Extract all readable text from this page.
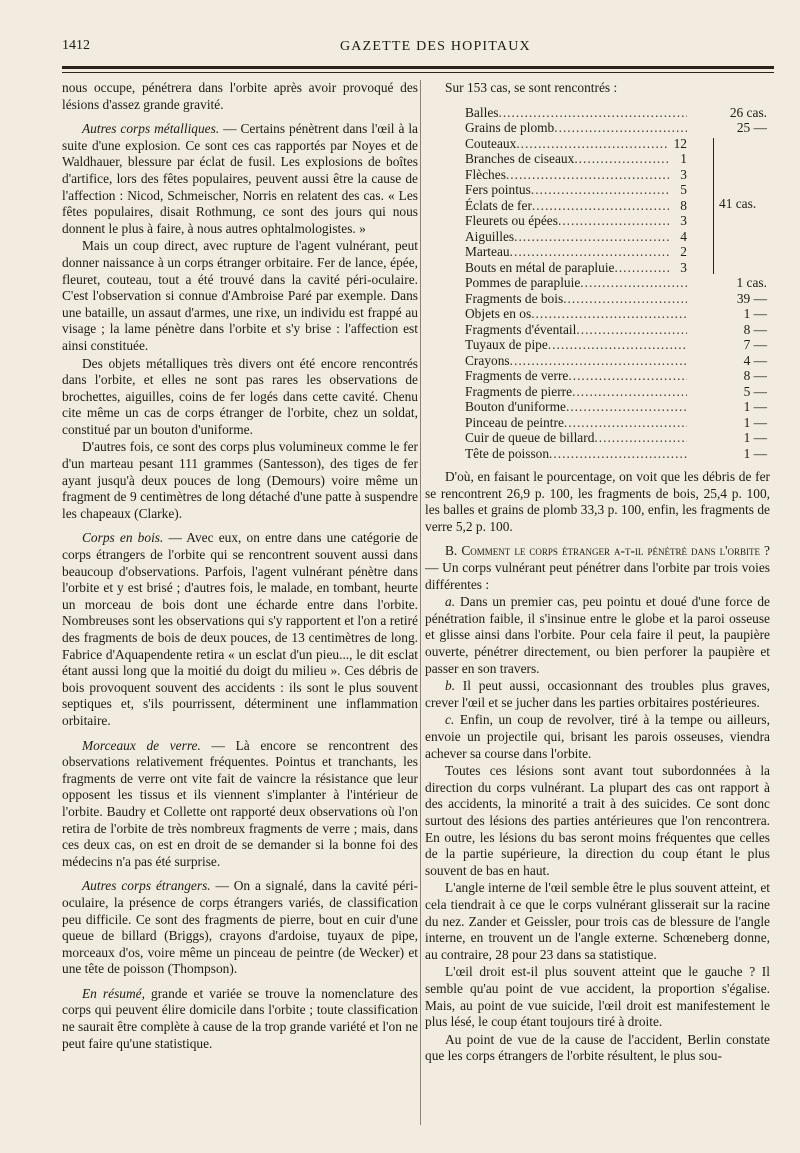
1412	GAZETTE DES HOPITAUX

nous occupe, pénétrera dans l'orbite après avoir provoqué des lésions d'assez grande gravité.

Autres corps métalliques. — Certains pénètrent dans l'œil à la suite d'une explosion. Ce sont ces cas rapportés par Noyes et de Waldhauer, blessure par éclat de fusil. Les explosions de boîtes d'artifice, lors des fêtes populaires, peuvent aussi être la cause de l'affection : Nicod, Schmeischer, Norris en relatent des cas. « Les fêtes populaires, disait Rothmung, ce sont des jours qui nous donnent le plus à faire, à nous autres ophtalmologistes. »

Mais un coup direct, avec rupture de l'agent vulnérant, peut donner naissance à un corps étranger orbitaire. Fer de lance, épée, fleuret, couteau, tout a été trouvé dans la cavité péri-oculaire. C'est l'observation si connue d'Ambroise Paré par exemple. Dans une bataille, un assaut d'armes, une rixe, un individu est frappé au visage ; la lame pénètre dans l'orbite et s'y brise : l'affection est ainsi constituée.

Des objets métalliques très divers ont été encore rencontrés dans l'orbite, et elles ne sont pas rares les observations de brochettes, aiguilles, coins de fer logés dans cette cavité. Chenu cite même un cas de corps étranger de l'orbite, chez un soldat, constitué par un bouton d'uniforme.

D'autres fois, ce sont des corps plus volumineux comme le fer d'un marteau pesant 111 grammes (Santesson), des tiges de fer ayant jusqu'à deux pouces de long (Demours) voire même un fragment de 9 centimètres de long détaché d'une patte à suspendre les chapeaux (Clarke).

Corps en bois. — Avec eux, on entre dans une catégorie de corps étrangers de l'orbite qui se rencontrent souvent aussi dans beaucoup d'observations. Parfois, l'agent vulnérant pénètre dans l'orbite et y est brisé ; d'autres fois, le malade, en tombant, heurte un morceau de bois dont une écharde entre dans l'orbite. Nombreuses sont les observations qui s'y rapportent et l'on a retiré des fragments de bois de deux pouces, de 13 centimètres de long. Fabrice d'Aquapendente retira « un esclat d'un pieu..., le dit esclat étant aussi long que la moitié du doigt du milieu ». Ces débris de bois provoquent souvent des accidents : ils sont le plus souvent septiques et, s'ils pourrissent, déterminent une inflammation orbitaire.

Morceaux de verre. — Là encore se rencontrent des observations relativement fréquentes. Pointus et tranchants, les fragments de verre ont vite fait de vaincre la résistance que leur opposent les tissus et ils viennent s'implanter à l'intérieur de l'orbite. Baudry et Collette ont rapporté deux observations où l'on retira de l'orbite de très nombreux fragments de verre ; mais, dans ces deux cas, on est en droit de se demander si la bonne foi des médecins n'a pas été surprise.

Autres corps étrangers. — On a signalé, dans la cavité péri-oculaire, la présence de corps étrangers variés, de classification peu difficile. Ce sont des fragments de pierre, bout en cuir d'une queue de billard (Briggs), crayons d'ardoise, tuyaux de pipe, morceaux d'os, voire même un pinceau de peintre (de Wecker) et une tête de poisson (Thompson).

En résumé, grande et variée se trouve la nomenclature des corps qui peuvent élire domicile dans l'orbite ; toute classification ne saurait être complète à cause de la trop grande variété et l'on ne peut faire qu'une statistique.

Sur 153 cas, se sont rencontrés :

Balles .....	26 cas.
Grains de plomb .....	25 —
Couteaux .....	12
Branches de ciseaux .....	1
Flèches .....	3
Fers pointus .....	5
Éclats de fer .....	8
Fleurets ou épées .....	3
Aiguilles .....	4
Marteau .....	2
Bouts en métal de parapluie .....	3
41 cas.
Pommes de parapluie .....	1 cas.
Fragments de bois .....	39 —
Objets en os .....	1 —
Fragments d'éventail .....	8 —
Tuyaux de pipe .....	7 —
Crayons .....	4 —
Fragments de verre .....	8 —
Fragments de pierre .....	5 —
Bouton d'uniforme .....	1 —
Pinceau de peintre .....	1 —
Cuir de queue de billard .....	1 —
Tête de poisson .....	1 —

D'où, en faisant le pourcentage, on voit que les débris de fer se rencontrent 26,9 p. 100, les fragments de bois, 25,4 p. 100, les balles et grains de plomb 33,3 p. 100, enfin, les fragments de verre 5,2 p. 100.

B. Comment le corps étranger a-t-il pénétré dans l'orbite ? — Un corps vulnérant peut pénétrer dans l'orbite par trois voies différentes :

a. Dans un premier cas, peu pointu et doué d'une force de pénétration faible, il s'insinue entre le globe et la paroi osseuse et glisse ainsi dans l'orbite. Pour cela faire il peut, la paupière ouverte, pénétrer directement, ou bien perforer la paupière et passer en son travers.

b. Il peut aussi, occasionnant des troubles plus graves, crever l'œil et se jucher dans les parties orbitaires postérieures.

c. Enfin, un coup de revolver, tiré à la tempe ou ailleurs, envoie un projectile qui, brisant les parois osseuses, viendra achever sa course dans l'orbite.

Toutes ces lésions sont avant tout subordonnées à la direction du corps vulnérant. La plupart des cas ont rapport à des accidents, la minorité a trait à des suicides. Ce sont donc surtout des lésions des parties antérieures que l'on rencontrera. En outre, les lésions du bas seront moins fréquentes que celles de la partie supérieure, la direction du coup étant le plus souvent de bas en haut.

L'angle interne de l'œil semble être le plus souvent atteint, et cela tiendrait à ce que le corps vulnérant glisserait sur la racine du nez. Zander et Geissler, pour trois cas de blessure de l'angle interne, en trouvent un de l'angle externe. Schœneberg donne, au contraire, 28 pour 23 dans sa statistique.

L'œil droit est-il plus souvent atteint que le gauche ? Il semble qu'au point de vue accident, la proportion s'égalise. Mais, au point de vue suicide, l'œil droit est manifestement le plus lésé, le coup étant toujours tiré à droite.

Au point de vue de la cause de l'accident, Berlin constate que les corps étrangers de l'orbite résultent, le plus sou-
